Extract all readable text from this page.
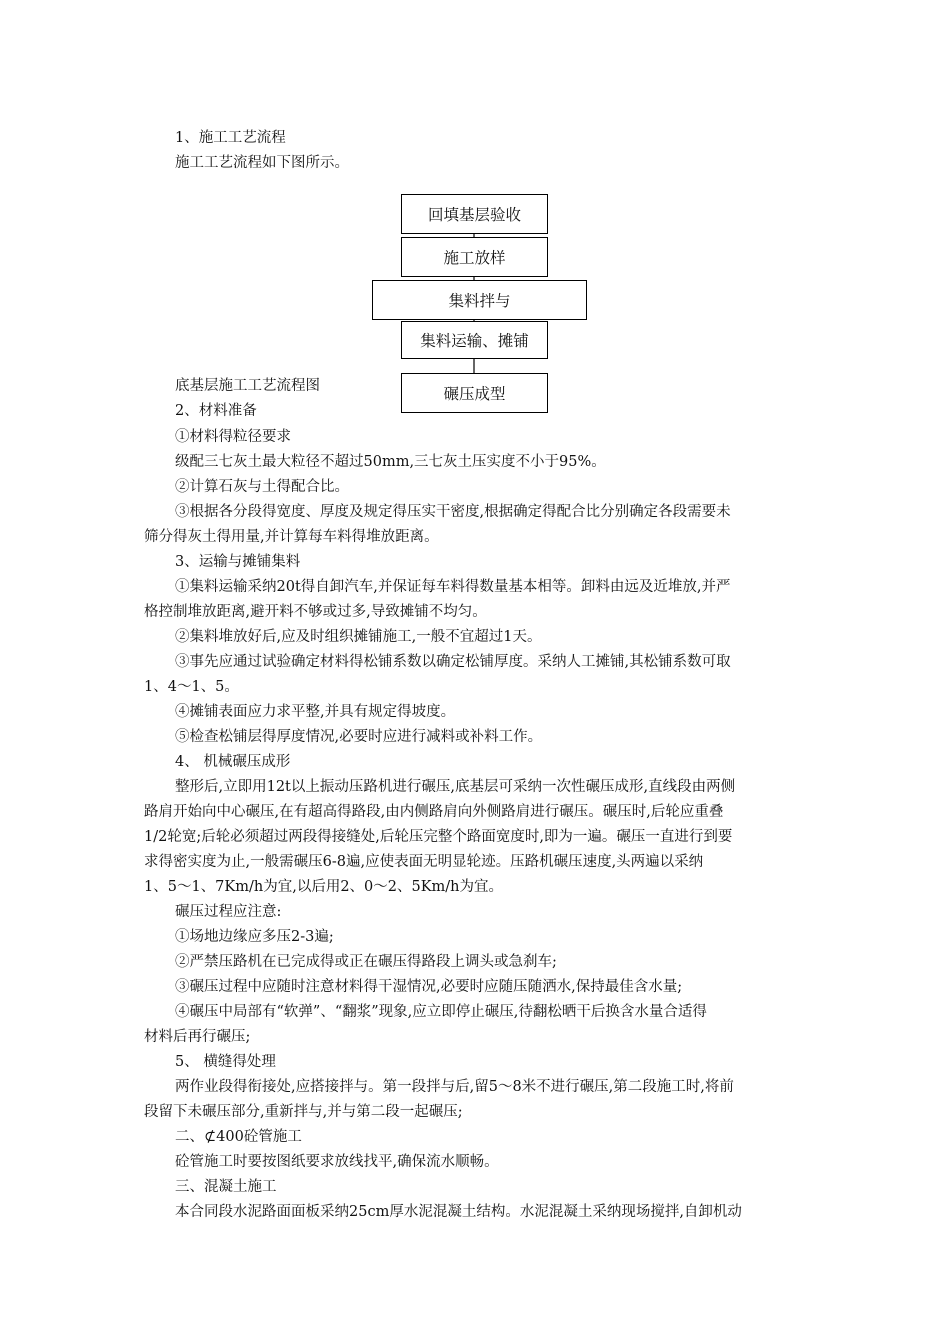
1、施工工艺流程
施工工艺流程如下图所示。
回填基层验收
施工放样
集料拌与
集料运输、摊铺
碾压成型
底基层施工工艺流程图
2、材料准备
①材料得粒径要求
级配三七灰土最大粒径不超过50mm,三七灰土压实度不小于95%。
②计算石灰与土得配合比。
③根据各分段得宽度、厚度及规定得压实干密度,根据确定得配合比分别确定各段需要未
筛分得灰土得用量,并计算每车料得堆放距离。
3、运输与摊铺集料
①集料运输采纳20t得自卸汽车,并保证每车料得数量基本相等。卸料由远及近堆放,并严
格控制堆放距离,避开料不够或过多,导致摊铺不均匀。
②集料堆放好后,应及时组织摊铺施工,一般不宜超过1天。
③事先应通过试验确定材料得松铺系数以确定松铺厚度。采纳人工摊铺,其松铺系数可取
1、4～1、5。
④摊铺表面应力求平整,并具有规定得坡度。
⑤检查松铺层得厚度情况,必要时应进行减料或补料工作。
4、 机械碾压成形
整形后,立即用12t以上振动压路机进行碾压,底基层可采纳一次性碾压成形,直线段由两侧
路肩开始向中心碾压,在有超高得路段,由内侧路肩向外侧路肩进行碾压。碾压时,后轮应重叠
1/2轮宽;后轮必须超过两段得接缝处,后轮压完整个路面宽度时,即为一遍。碾压一直进行到要
求得密实度为止,一般需碾压6-8遍,应使表面无明显轮迹。压路机碾压速度,头两遍以采纳
1、5～1、7Km/h为宜,以后用2、0～2、5Km/h为宜。
碾压过程应注意:
①场地边缘应多压2-3遍;
②严禁压路机在已完成得或正在碾压得路段上调头或急刹车;
③碾压过程中应随时注意材料得干湿情况,必要时应随压随洒水,保持最佳含水量;
④碾压中局部有“软弹”、“翻浆”现象,应立即停止碾压,待翻松晒干后换含水量合适得
材料后再行碾压;
5、 横缝得处理
两作业段得衔接处,应搭接拌与。第一段拌与后,留5～8米不进行碾压,第二段施工时,将前
段留下未碾压部分,重新拌与,并与第二段一起碾压;
二、⊄400砼管施工
砼管施工时要按图纸要求放线找平,确保流水顺畅。
三、混凝土施工
本合同段水泥路面面板采纳25cm厚水泥混凝土结构。水泥混凝土采纳现场搅拌,自卸机动
